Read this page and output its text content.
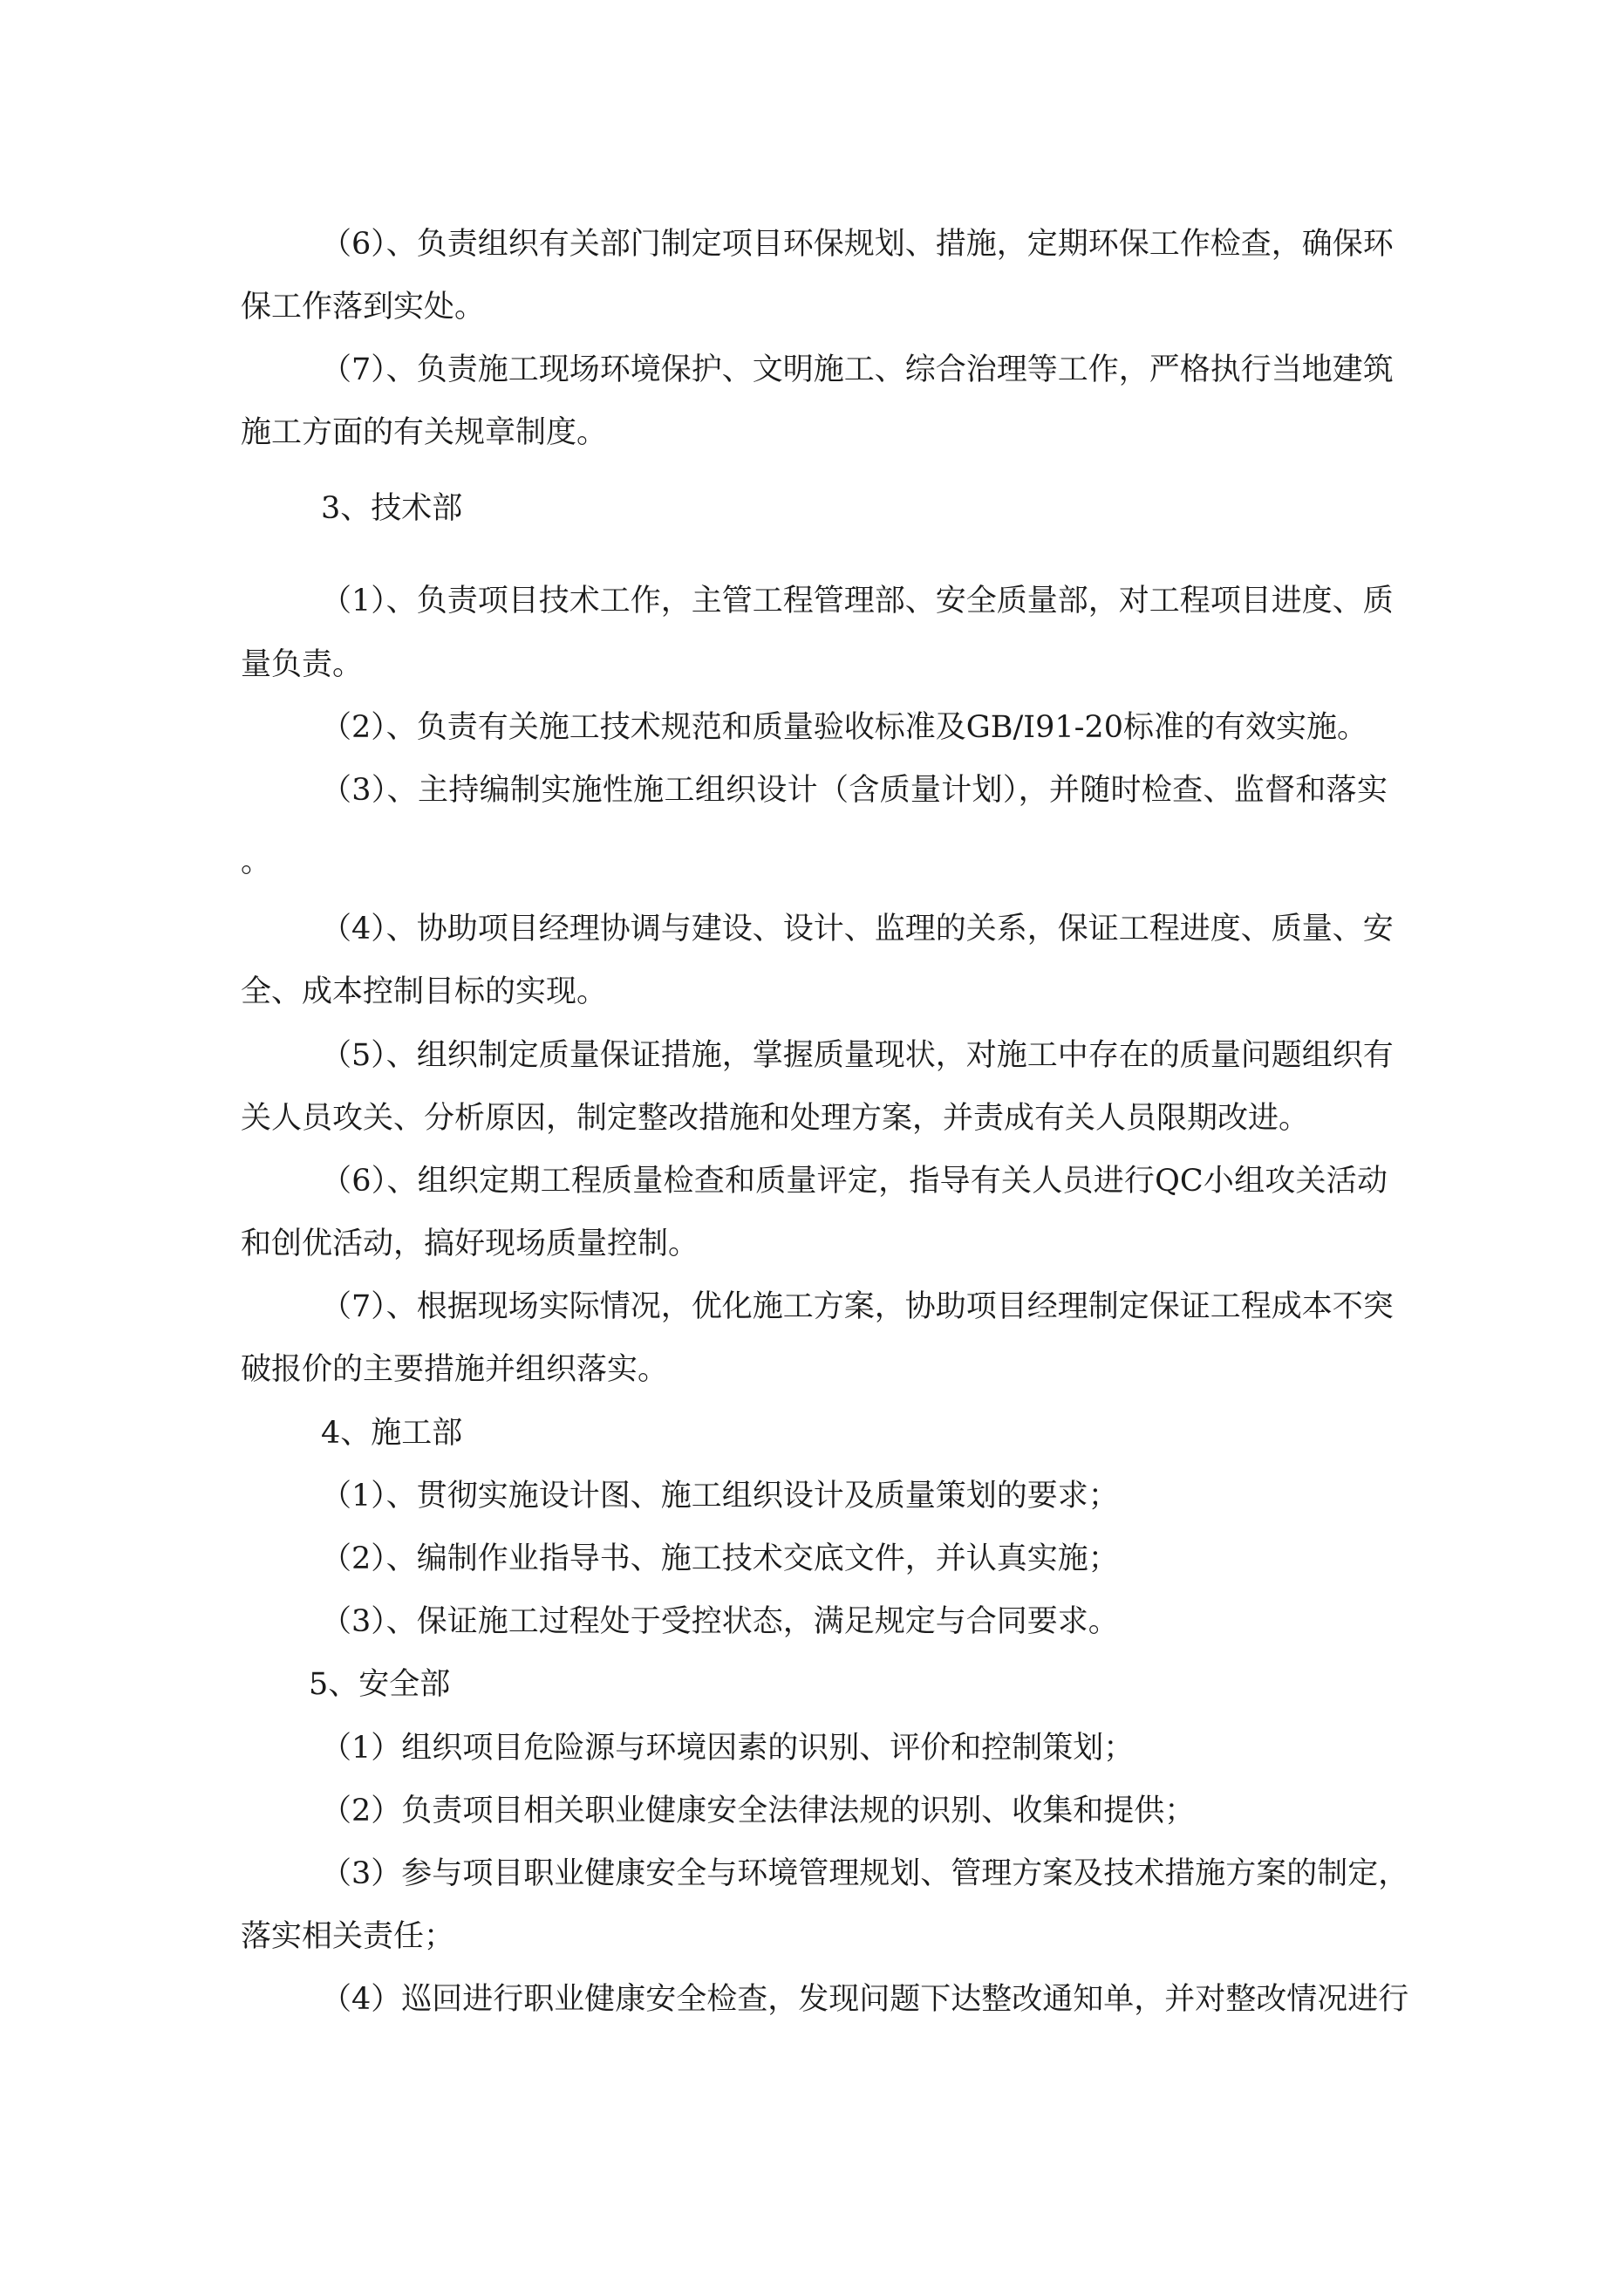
（6）、负责组织有关部门制定项目环保规划、措施，定期环保工作检查，确保环

保工作落到实处。

（7）、负责施工现场环境保护、文明施工、综合治理等工作，严格执行当地建筑

施工方面的有关规章制度。

3、技术部

（1）、负责项目技术工作，主管工程管理部、安全质量部，对工程项目进度、质

量负责。

（2）、负责有关施工技术规范和质量验收标准及GB/I91-20标准的有效实施。

（3）、主持编制实施性施工组织设计（含质量计划），并随时检查、监督和落实

。

（4）、协助项目经理协调与建设、设计、监理的关系，保证工程进度、质量、安

全、成本控制目标的实现。

（5）、组织制定质量保证措施，掌握质量现状，对施工中存在的质量问题组织有

关人员攻关、分析原因，制定整改措施和处理方案，并责成有关人员限期改进。

（6）、组织定期工程质量检查和质量评定，指导有关人员进行QC小组攻关活动

和创优活动，搞好现场质量控制。

（7）、根据现场实际情况，优化施工方案，协助项目经理制定保证工程成本不突

破报价的主要措施并组织落实。

4、施工部

（1）、贯彻实施设计图、施工组织设计及质量策划的要求；

（2）、编制作业指导书、施工技术交底文件，并认真实施；

（3）、保证施工过程处于受控状态，满足规定与合同要求。

5、安全部

（1）组织项目危险源与环境因素的识别、评价和控制策划；

（2）负责项目相关职业健康安全法律法规的识别、收集和提供；

（3）参与项目职业健康安全与环境管理规划、管理方案及技术措施方案的制定，

落实相关责任；

（4）巡回进行职业健康安全检查，发现问题下达整改通知单，并对整改情况进行
